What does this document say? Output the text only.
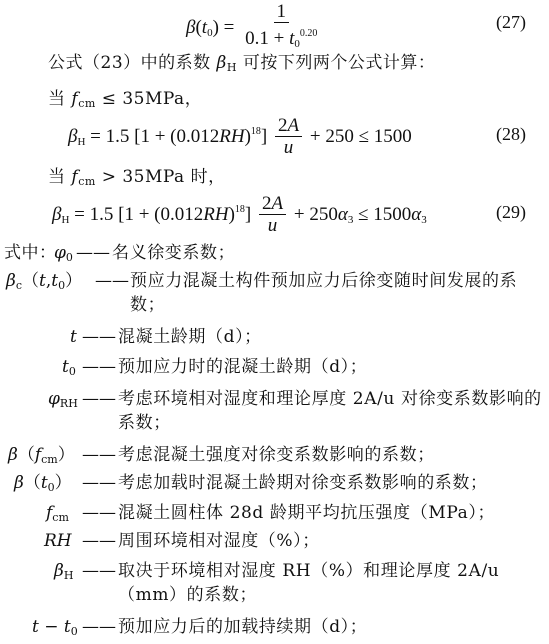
$\beta(t_0) = \frac{1}{0.1 + t_0^{0.20}}$	(27)
公式（23）中的系数 $\beta_H$ 可按下列两个公式计算：
当 $f_{cm} \le 35MPa$，
$\beta_H = 1.5$ $[1 + (0.012RH)^{18}] \frac{2A}{u} + 250 \le 1500$	(28)
当 $f_{cm} > 35MPa$ 时，
$\beta_H = 1.5$ $[1 + (0.012RH)^{18}] \frac{2A}{u} + 250\alpha_3 \le 1500\alpha_3$	(29)
式中：
$\varphi_0$ —— 名义徐变系数；
$\beta_c(t,t_0)$ —— 预应力混凝土构件预加应力后徐变随时间发展的系数；
t —— 混凝土龄期（d）；
$t_0$ —— 预加应力时的混凝土龄期（d）；
$\varphi_{RH}$ —— 考虑环境相对湿度和理论厚度 2A/u 对徐变系数影响的系数；
$\beta(f_{cm})$ —— 考虑混凝土强度对徐变系数影响的系数；
$\beta(t_0)$ —— 考虑加载时混凝土龄期对徐变系数影响的系数；
$f_{cm}$ —— 混凝土圆柱体 28d 龄期平均抗压强度（MPa）；
RH —— 周围环境相对湿度（%）；
$\beta_H$ —— 取决于环境相对湿度 RH（%）和理论厚度 2A/u（mm）的系数；
$t - t_0$ —— 预加应力后的加载持续期（d）；
